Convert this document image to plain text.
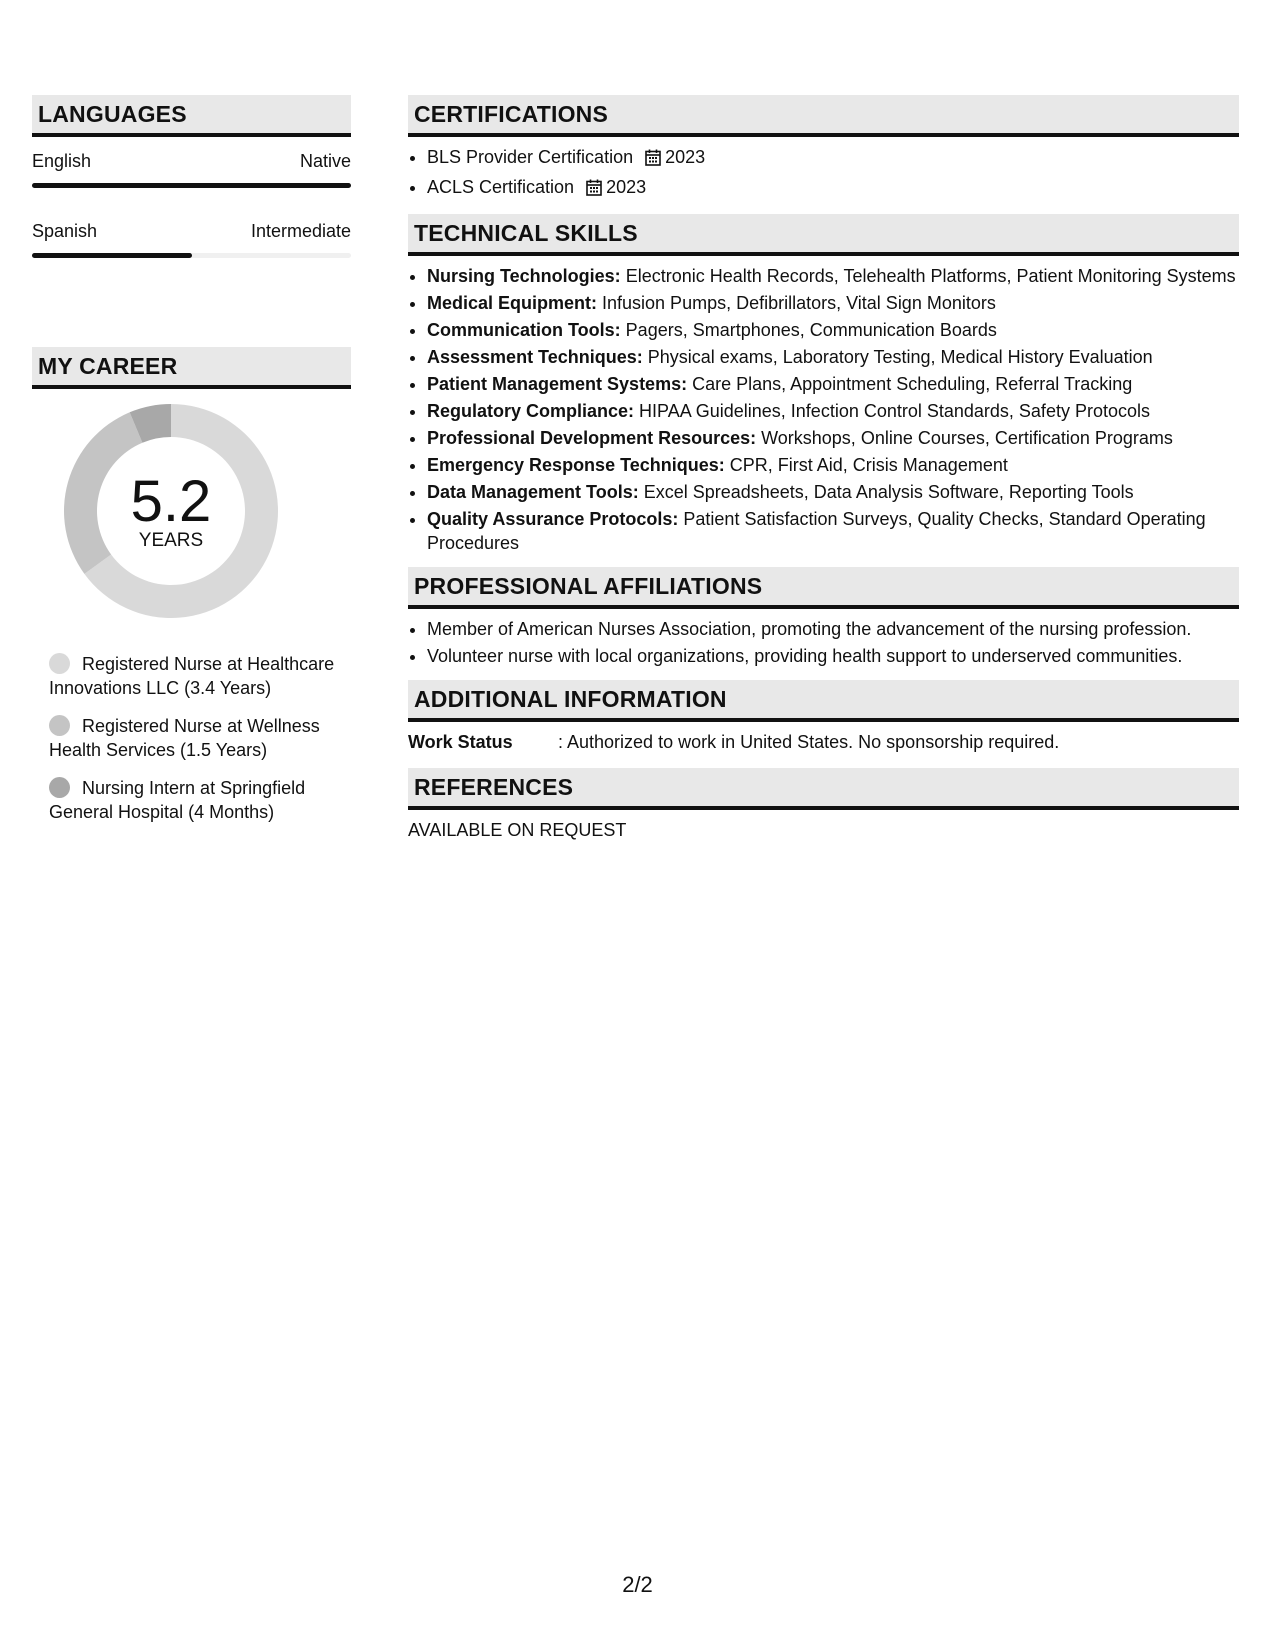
LANGUAGES
English	Native
Spanish	Intermediate
MY CAREER
5.2
YEARS
Registered Nurse at Healthcare Innovations LLC (3.4 Years)
Registered Nurse at Wellness Health Services (1.5 Years)
Nursing Intern at Springfield General Hospital (4 Months)
CERTIFICATIONS
• BLS Provider Certification 2023
• ACLS Certification 2023
TECHNICAL SKILLS
• Nursing Technologies: Electronic Health Records, Telehealth Platforms, Patient Monitoring Systems
• Medical Equipment: Infusion Pumps, Defibrillators, Vital Sign Monitors
• Communication Tools: Pagers, Smartphones, Communication Boards
• Assessment Techniques: Physical exams, Laboratory Testing, Medical History Evaluation
• Patient Management Systems: Care Plans, Appointment Scheduling, Referral Tracking
• Regulatory Compliance: HIPAA Guidelines, Infection Control Standards, Safety Protocols
• Professional Development Resources: Workshops, Online Courses, Certification Programs
• Emergency Response Techniques: CPR, First Aid, Crisis Management
• Data Management Tools: Excel Spreadsheets, Data Analysis Software, Reporting Tools
• Quality Assurance Protocols: Patient Satisfaction Surveys, Quality Checks, Standard Operating Procedures
PROFESSIONAL AFFILIATIONS
• Member of American Nurses Association, promoting the advancement of the nursing profession.
• Volunteer nurse with local organizations, providing health support to underserved communities.
ADDITIONAL INFORMATION
Work Status	: Authorized to work in United States. No sponsorship required.
REFERENCES
AVAILABLE ON REQUEST
2/2
